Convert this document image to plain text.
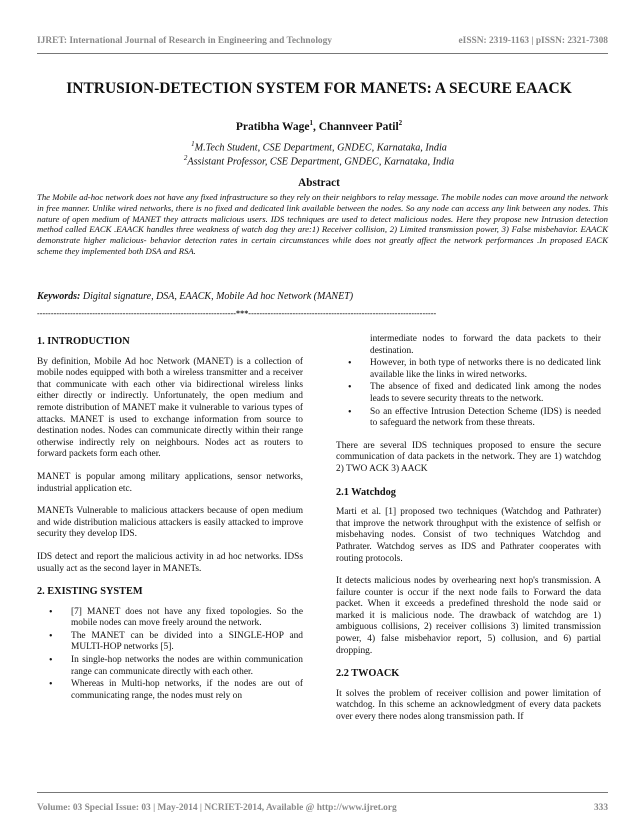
IJRET: International Journal of Research in Engineering and Technology	eISSN: 2319-1163 | pISSN: 2321-7308
INTRUSION-DETECTION SYSTEM FOR MANETS: A SECURE EAACK
Pratibha Wage$^1$, Channveer Patil$^2$
$^1$M.Tech Student, CSE Department, GNDEC, Karnataka, India
$^2$Assistant Professor, CSE Department, GNDEC, Karnataka, India
Abstract
The Mobile ad-hoc network does not have any fixed infrastructure so they rely on their neighbors to relay message. The mobile nodes can move around the network in free manner. Unlike wired networks, there is no fixed and dedicated link available between the nodes. So any node can access any link between any nodes. This nature of open medium of MANET they attracts malicious users. IDS techniques are used to detect malicious nodes. Here they propose new Intrusion detection method called EACK .EAACK handles three weakness of watch dog they are:1) Receiver collision, 2) Limited transmission power, 3) False misbehavior. EAACK demonstrate higher malicious- behavior detection rates in certain circumstances while does not greatly affect the network performances .In proposed EACK scheme they implemented both DSA and RSA.
Keywords: Digital signature, DSA, EAACK, Mobile Ad hoc Network (MANET)
------------------------------------------------------------------------***--------------------------------------------------------------------
1. INTRODUCTION

By definition, Mobile Ad hoc Network (MANET) is a collection of mobile nodes equipped with both a wireless transmitter and a receiver that communicate with each other via bidirectional wireless links either directly or indirectly. Unfortunately, the open medium and remote distribution of MANET make it vulnerable to various types of attacks. MANET is used to exchange information from source to destination nodes. Nodes can communicate directly within their range otherwise indirectly rely on neighbours. Nodes act as routers to forward packets form each other.

MANET is popular among military applications, sensor networks, industrial application etc.

MANETs Vulnerable to malicious attackers because of open medium and wide distribution malicious attackers is easily attacked to improve security they develop IDS.

IDS detect and report the malicious activity in ad hoc networks. IDSs usually act as the second layer in MANETs.

2. EXISTING SYSTEM
• [7] MANET does not have any fixed topologies. So the mobile nodes can move freely around the network.
• The MANET can be divided into a SINGLE-HOP and MULTI-HOP networks [5].
• In single-hop networks the nodes are within communication range can communicate directly with each other.
• Whereas in Multi-hop networks, if the nodes are out of communicating range, the nodes must rely on
intermediate nodes to forward the data packets to their destination.
• However, in both type of networks there is no dedicated link available like the links in wired networks.
• The absence of fixed and dedicated link among the nodes leads to severe security threats to the network.
• So an effective Intrusion Detection Scheme (IDS) is needed to safeguard the network from these threats.

There are several IDS techniques proposed to ensure the secure communication of data packets in the network. They are 1) watchdog 2) TWO ACK 3) AACK

2.1 Watchdog

Marti et al. [1] proposed two techniques (Watchdog and Pathrater) that improve the network throughput with the existence of selfish or misbehaving nodes. Consist of two techniques Watchdog and Pathrater. Watchdog serves as IDS and Pathrater cooperates with routing protocols.

It detects malicious nodes by overhearing next hop's transmission. A failure counter is occur if the next node fails to Forward the data packet. When it exceeds a predefined threshold the node said or marked it is malicious node. The drawback of watchdog are 1) ambiguous collisions, 2) receiver collisions 3) limited transmission power, 4) false misbehavior report, 5) collusion, and 6) partial dropping.

2.2 TWOACK

It solves the problem of receiver collision and power limitation of watchdog. In this scheme an acknowledgment of every data packets over every there nodes along transmission path. If

Volume: 03 Special Issue: 03 | May-2014 | NCRIET-2014, Available @ http://www.ijret.org	333
